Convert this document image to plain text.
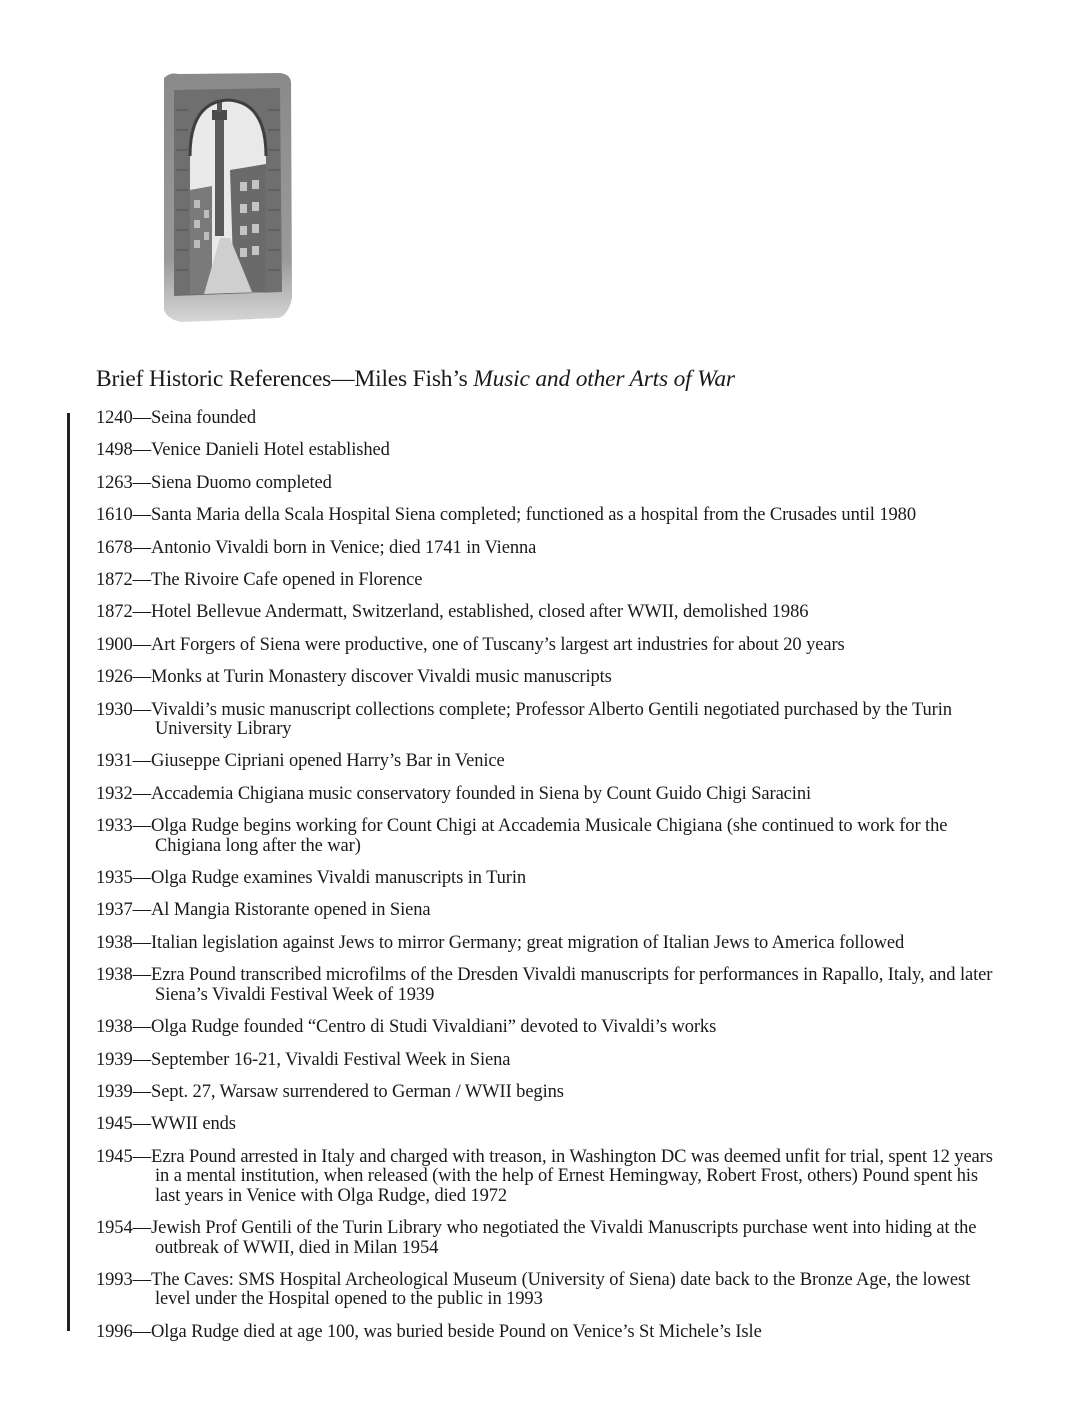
Brief Historic References—Miles Fish’s Music and other Arts of War
1240—Seina founded
1498—Venice Danieli Hotel established
1263—Siena Duomo completed
1610—Santa Maria della Scala Hospital Siena completed; functioned as a hospital from the Crusades until 1980
1678—Antonio Vivaldi born in Venice; died 1741 in Vienna
1872—The Rivoire Cafe opened in Florence
1872—Hotel Bellevue Andermatt, Switzerland, established, closed after WWII, demolished 1986
1900—Art Forgers of Siena were productive, one of Tuscany’s largest art industries for about 20 years
1926—Monks at Turin Monastery discover Vivaldi music manuscripts
1930—Vivaldi’s music manuscript collections complete; Professor Alberto Gentili negotiated purchased by the Turin University Library
1931—Giuseppe Cipriani opened Harry’s Bar in Venice
1932—Accademia Chigiana music conservatory founded in Siena by Count Guido Chigi Saracini
1933—Olga Rudge begins working for Count Chigi at Accademia Musicale Chigiana (she continued to work for the Chigiana long after the war)
1935—Olga Rudge examines Vivaldi manuscripts in Turin
1937—Al Mangia Ristorante opened in Siena
1938—Italian legislation against Jews to mirror Germany; great migration of Italian Jews to America followed
1938—Ezra Pound transcribed microfilms of the Dresden Vivaldi manuscripts for performances in Rapallo, Italy, and later Siena’s Vivaldi Festival Week of 1939
1938—Olga Rudge founded “Centro di Studi Vivaldiani” devoted to Vivaldi’s works
1939—September 16-21, Vivaldi Festival Week in Siena
1939—Sept. 27, Warsaw surrendered to German / WWII begins
1945—WWII ends
1945—Ezra Pound arrested in Italy and charged with treason, in Washington DC was deemed unfit for trial, spent 12 years in a mental institution, when released (with the help of Ernest Hemingway, Robert Frost, others) Pound spent his last years in Venice with Olga Rudge, died 1972
1954—Jewish Prof Gentili of the Turin Library who negotiated the Vivaldi Manuscripts purchase went into hiding at the outbreak of WWII, died in Milan 1954
1993—The Caves: SMS Hospital Archeological Museum (University of Siena) date back to the Bronze Age, the lowest level under the Hospital opened to the public in 1993
1996—Olga Rudge died at age 100, was buried beside Pound on Venice’s St Michele’s Isle
